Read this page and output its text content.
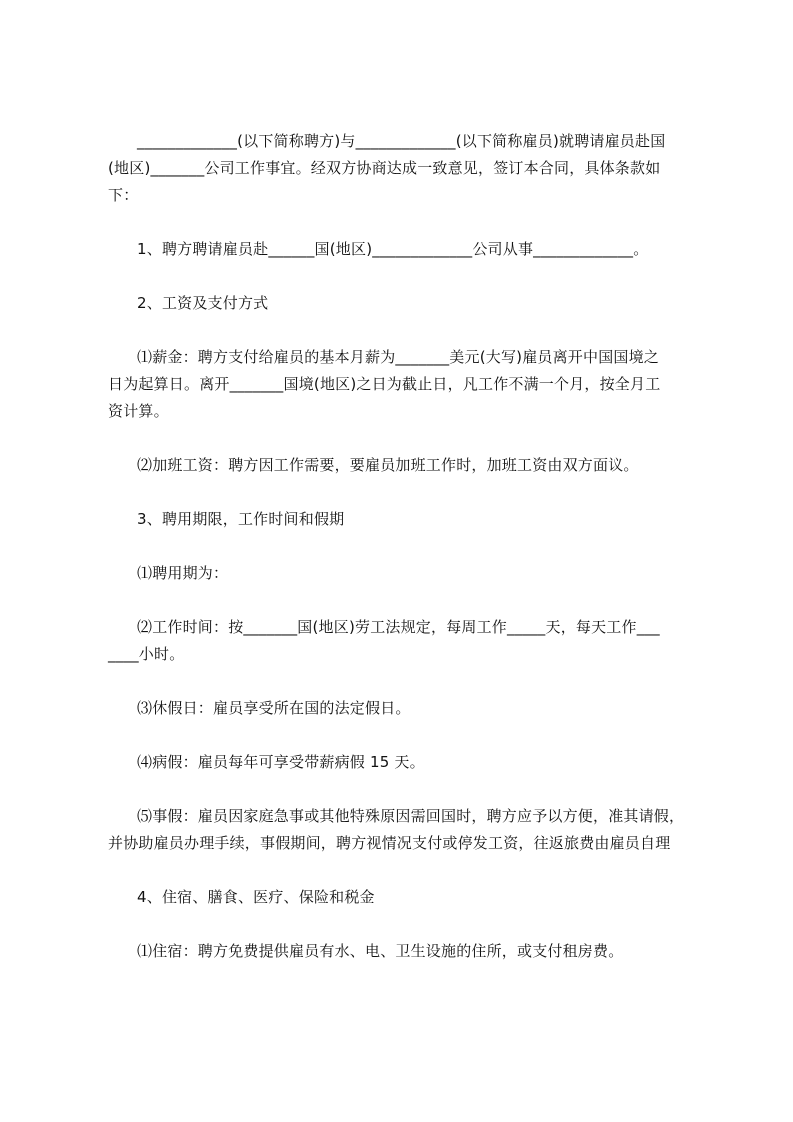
_____________(以下简称聘方)与_____________(以下简称雇员)就聘请雇员赴国
(地区)_______公司工作事宜。经双方协商达成一致意见，签订本合同，具体条款如
下：
1、聘方聘请雇员赴______国(地区)_____________公司从事_____________。
2、工资及支付方式
⑴薪金：聘方支付给雇员的基本月薪为_______美元(大写)雇员离开中国国境之
日为起算日。离开_______国境(地区)之日为截止日，凡工作不满一个月，按全月工
资计算。
⑵加班工资：聘方因工作需要，要雇员加班工作时，加班工资由双方面议。
3、聘用期限，工作时间和假期
⑴聘用期为：
⑵工作时间：按_______国(地区)劳工法规定，每周工作_____天，每天工作___
____小时。
⑶休假日：雇员享受所在国的法定假日。
⑷病假：雇员每年可享受带薪病假 15 天。
⑸事假：雇员因家庭急事或其他特殊原因需回国时，聘方应予以方便，准其请假，
并协助雇员办理手续，事假期间，聘方视情况支付或停发工资，往返旅费由雇员自理
4、住宿、膳食、医疗、保险和税金
⑴住宿：聘方免费提供雇员有水、电、卫生设施的住所，或支付租房费。
